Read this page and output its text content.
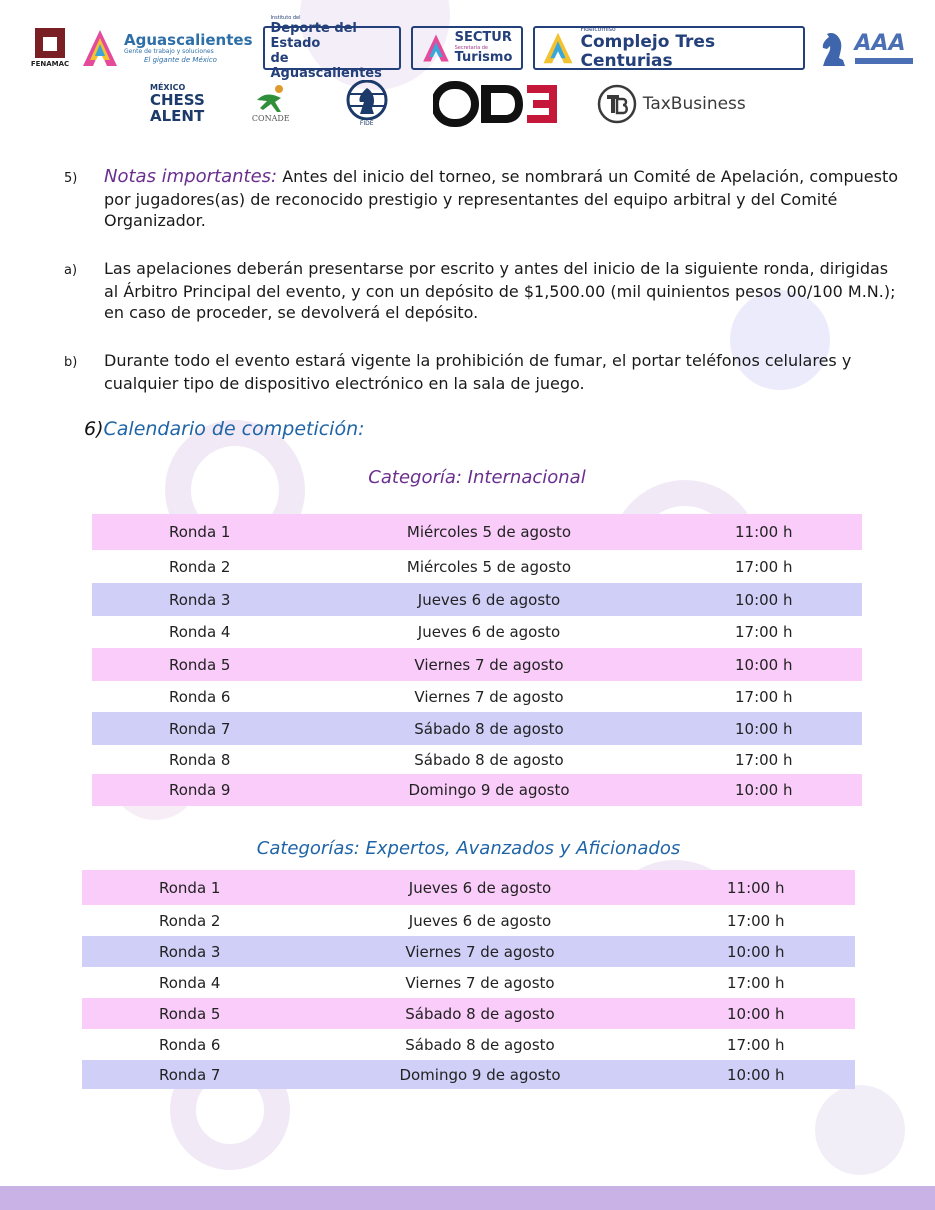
FENAMAC
Aguascalientes
Gente de trabajo y soluciones
El gigante de México
Instituto del
Deporte del Estado
de Aguascalientes
SECTUR
Secretaría de
Turismo
Fideicomiso
Complejo Tres Centurias
AAA
MÉXICO
CHESS
ALENT	CONADE
FIDE
TaxBusiness
5) Notas importantes: Antes del inicio del torneo, se nombrará un Comité de Apelación, compuesto por jugadores(as) de reconocido prestigio y representantes del equipo arbitral y del Comité Organizador.
a) Las apelaciones deberán presentarse por escrito y antes del inicio de la siguiente ronda, dirigidas al Árbitro Principal del evento, y con un depósito de $1,500.00 (mil quinientos pesos 00/100 M.N.); en caso de proceder, se devolverá el depósito.
b) Durante todo el evento estará vigente la prohibición de fumar, el portar teléfonos celulares y cualquier tipo de dispositivo electrónico en la sala de juego.
6)Calendario de competición:
Categoría: Internacional
Ronda 1	Miércoles 5 de agosto	11:00 h
Ronda 2	Miércoles 5 de agosto	17:00 h
Ronda 3	Jueves 6 de agosto	10:00 h
Ronda 4	Jueves 6 de agosto	17:00 h
Ronda 5	Viernes 7 de agosto	10:00 h
Ronda 6	Viernes 7 de agosto	17:00 h
Ronda 7	Sábado 8 de agosto	10:00 h
Ronda 8	Sábado 8 de agosto	17:00 h
Ronda 9	Domingo 9 de agosto	10:00 h
Categorías: Expertos, Avanzados y Aficionados
Ronda 1	Jueves 6 de agosto	11:00 h
Ronda 2	Jueves 6 de agosto	17:00 h
Ronda 3	Viernes 7 de agosto	10:00 h
Ronda 4	Viernes 7 de agosto	17:00 h
Ronda 5	Sábado 8 de agosto	10:00 h
Ronda 6	Sábado 8 de agosto	17:00 h
Ronda 7	Domingo 9 de agosto	10:00 h
